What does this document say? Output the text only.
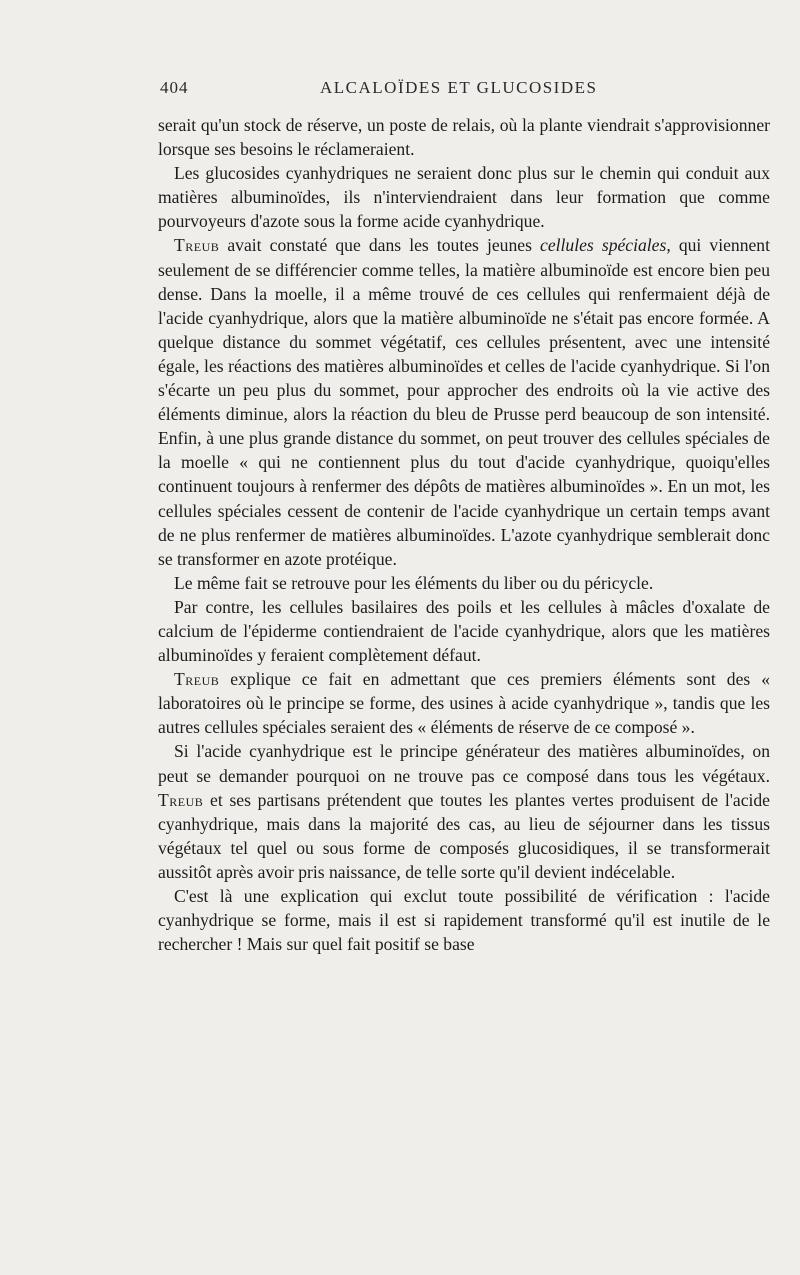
404	ALCALOÏDES ET GLUCOSIDES

serait qu'un stock de réserve, un poste de relais, où la plante viendrait s'approvisionner lorsque ses besoins le réclameraient.

Les glucosides cyanhydriques ne seraient donc plus sur le chemin qui conduit aux matières albuminoïdes, ils n'interviendraient dans leur formation que comme pourvoyeurs d'azote sous la forme acide cyanhydrique.

Treub avait constaté que dans les toutes jeunes cellules spéciales, qui viennent seulement de se différencier comme telles, la matière albuminoïde est encore bien peu dense. Dans la moelle, il a même trouvé de ces cellules qui renfermaient déjà de l'acide cyanhydrique, alors que la matière albuminoïde ne s'était pas encore formée. A quelque distance du sommet végétatif, ces cellules présentent, avec une intensité égale, les réactions des matières albuminoïdes et celles de l'acide cyanhydrique. Si l'on s'écarte un peu plus du sommet, pour approcher des endroits où la vie active des éléments diminue, alors la réaction du bleu de Prusse perd beaucoup de son intensité. Enfin, à une plus grande distance du sommet, on peut trouver des cellules spéciales de la moelle « qui ne contiennent plus du tout d'acide cyanhydrique, quoiqu'elles continuent toujours à renfermer des dépôts de matières albuminoïdes ». En un mot, les cellules spéciales cessent de contenir de l'acide cyanhydrique un certain temps avant de ne plus renfermer de matières albuminoïdes. L'azote cyanhydrique semblerait donc se transformer en azote protéique.

Le même fait se retrouve pour les éléments du liber ou du péricycle.

Par contre, les cellules basilaires des poils et les cellules à mâcles d'oxalate de calcium de l'épiderme contiendraient de l'acide cyanhydrique, alors que les matières albuminoïdes y feraient complètement défaut.

Treub explique ce fait en admettant que ces premiers éléments sont des « laboratoires où le principe se forme, des usines à acide cyanhydrique », tandis que les autres cellules spéciales seraient des « éléments de réserve de ce composé ».

Si l'acide cyanhydrique est le principe générateur des matières albuminoïdes, on peut se demander pourquoi on ne trouve pas ce composé dans tous les végétaux. Treub et ses partisans prétendent que toutes les plantes vertes produisent de l'acide cyanhydrique, mais dans la majorité des cas, au lieu de séjourner dans les tissus végétaux tel quel ou sous forme de composés glucosidiques, il se transformerait aussitôt après avoir pris naissance, de telle sorte qu'il devient indécelable.

C'est là une explication qui exclut toute possibilité de vérification : l'acide cyanhydrique se forme, mais il est si rapidement transformé qu'il est inutile de le rechercher ! Mais sur quel fait positif se base
